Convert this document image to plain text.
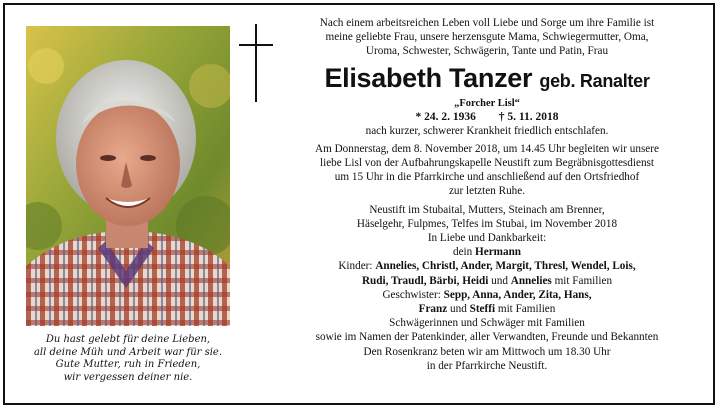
Du hast gelebt für deine Lieben,
all deine Müh und Arbeit war für sie.
Gute Mutter, ruh in Frieden,
wir vergessen deiner nie.
Nach einem arbeitsreichen Leben voll Liebe und Sorge um ihre Familie ist
meine geliebte Frau, unsere herzensgute Mama, Schwiegermutter, Oma,
Uroma, Schwester, Schwägerin, Tante und Patin, Frau
Elisabeth Tanzer geb. Ranalter
„Forcher Lisl“
* 24. 2. 1936 † 5. 11. 2018
nach kurzer, schwerer Krankheit friedlich entschlafen.
Am Donnerstag, dem 8. November 2018, um 14.45 Uhr begleiten wir unsere
liebe Lisl von der Aufbahrungskapelle Neustift zum Begräbnisgottesdienst
um 15 Uhr in die Pfarrkirche und anschließend auf den Ortsfriedhof
zur letzten Ruhe.
Neustift im Stubaital, Mutters, Steinach am Brenner,
Häselgehr, Fulpmes, Telfes im Stubai, im November 2018
In Liebe und Dankbarkeit:
dein Hermann
Kinder: Annelies, Christl, Ander, Margit, Thresl, Wendel, Lois,
Rudi, Traudl, Bärbi, Heidi und Annelies mit Familien
Geschwister: Sepp, Anna, Ander, Zita, Hans,
Franz und Steffi mit Familien
Schwägerinnen und Schwäger mit Familien
sowie im Namen der Patenkinder, aller Verwandten, Freunde und Bekannten
Den Rosenkranz beten wir am Mittwoch um 18.30 Uhr
in der Pfarrkirche Neustift.
